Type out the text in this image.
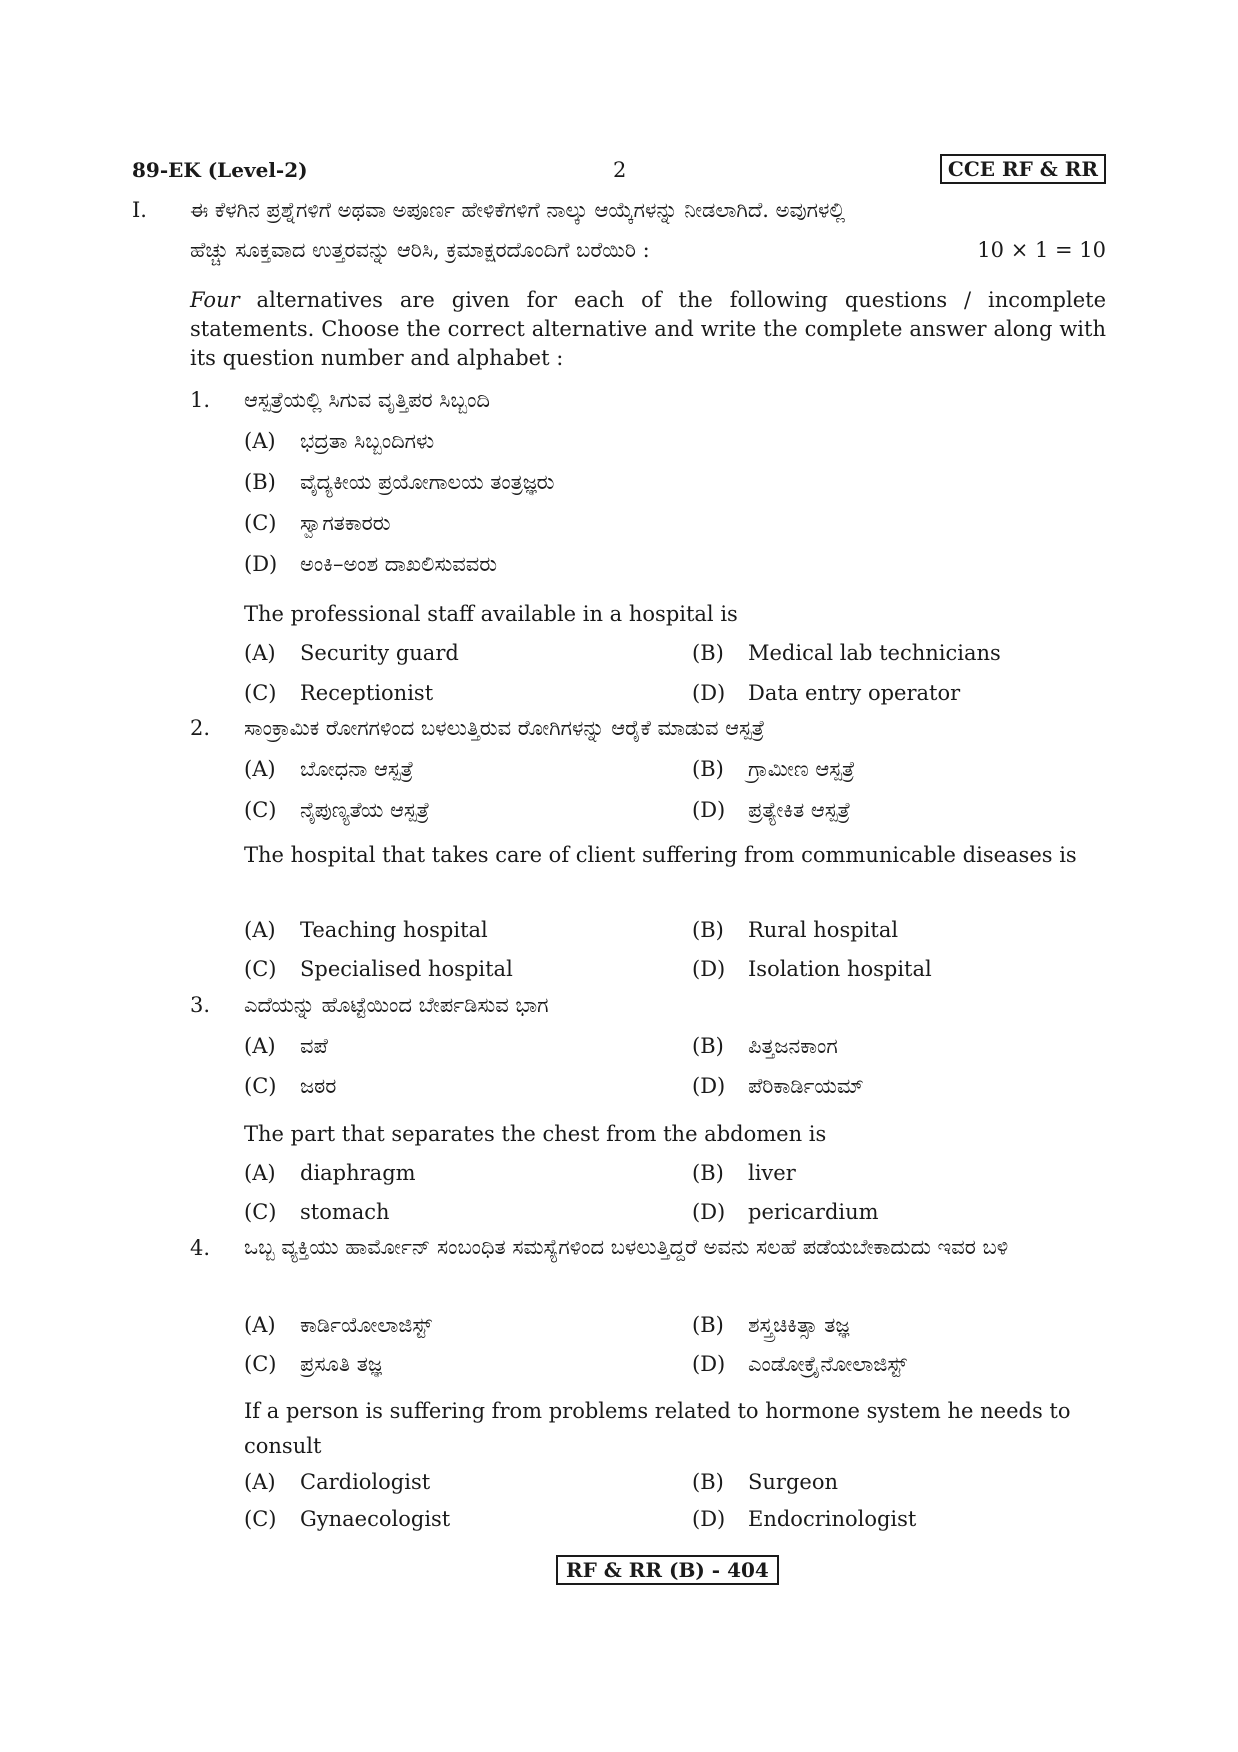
89-EK (Level-2)	2	CCE RF & RR
I. ಈ ಕೆಳಗಿನ ಪ್ರಶ್ನೆಗಳಿಗೆ ಅಥವಾ ಅಪೂರ್ಣ ಹೇಳಿಕೆಗಳಿಗೆ ನಾಲ್ಕು ಆಯ್ಕೆಗಳನ್ನು ನೀಡಲಾಗಿದೆ. ಅವುಗಳಲ್ಲಿ
ಹೆಚ್ಚು ಸೂಕ್ತವಾದ ಉತ್ತರವನ್ನು ಆರಿಸಿ, ಕ್ರಮಾಕ್ಷರದೊಂದಿಗೆ ಬರೆಯಿರಿ :	10 × 1 = 10
Four alternatives are given for each of the following questions / incomplete statements. Choose the correct alternative and write the complete answer along with its question number and alphabet :
1. ಆಸ್ಪತ್ರೆಯಲ್ಲಿ ಸಿಗುವ ವೃತ್ತಿಪರ ಸಿಬ್ಬಂದಿ
(A) ಭದ್ರತಾ ಸಿಬ್ಬಂದಿಗಳು
(B) ವೈದ್ಯಕೀಯ ಪ್ರಯೋಗಾಲಯ ತಂತ್ರಜ್ಞರು
(C) ಸ್ವಾಗತಕಾರರು
(D) ಅಂಕಿ–ಅಂಶ ದಾಖಲಿಸುವವರು
The professional staff available in a hospital is
(A) Security guard	(B) Medical lab technicians
(C) Receptionist	(D) Data entry operator
2. ಸಾಂಕ್ರಾಮಿಕ ರೋಗಗಳಿಂದ ಬಳಲುತ್ತಿರುವ ರೋಗಿಗಳನ್ನು ಆರೈಕೆ ಮಾಡುವ ಆಸ್ಪತ್ರೆ
(A) ಬೋಧನಾ ಆಸ್ಪತ್ರೆ	(B) ಗ್ರಾಮೀಣ ಆಸ್ಪತ್ರೆ
(C) ನೈಪುಣ್ಯತೆಯ ಆಸ್ಪತ್ರೆ	(D) ಪ್ರತ್ಯೇಕಿತ ಆಸ್ಪತ್ರೆ
The hospital that takes care of client suffering from communicable diseases is
(A) Teaching hospital	(B) Rural hospital
(C) Specialised hospital	(D) Isolation hospital
3. ಎದೆಯನ್ನು ಹೊಟ್ಟೆಯಿಂದ ಬೇರ್ಪಡಿಸುವ ಭಾಗ
(A) ವಪೆ	(B) ಪಿತ್ತಜನಕಾಂಗ
(C) ಜಠರ	(D) ಪೆರಿಕಾರ್ಡಿಯಮ್
The part that separates the chest from the abdomen is
(A) diaphragm	(B) liver
(C) stomach	(D) pericardium
4. ಒಬ್ಬ ವ್ಯಕ್ತಿಯು ಹಾರ್ಮೋನ್ ಸಂಬಂಧಿತ ಸಮಸ್ಯೆಗಳಿಂದ ಬಳಲುತ್ತಿದ್ದರೆ ಅವನು ಸಲಹೆ ಪಡೆಯಬೇಕಾದುದು ಇವರ ಬಳಿ
(A) ಕಾರ್ಡಿಯೋಲಾಜಿಸ್ಟ್	(B) ಶಸ್ತ್ರಚಿಕಿತ್ಸಾ ತಜ್ಞ
(C) ಪ್ರಸೂತಿ ತಜ್ಞ	(D) ಎಂಡೋಕ್ರೈನೋಲಾಜಿಸ್ಟ್
If a person is suffering from problems related to hormone system he needs to consult
(A) Cardiologist	(B) Surgeon
(C) Gynaecologist	(D) Endocrinologist
RF & RR (B) - 404
